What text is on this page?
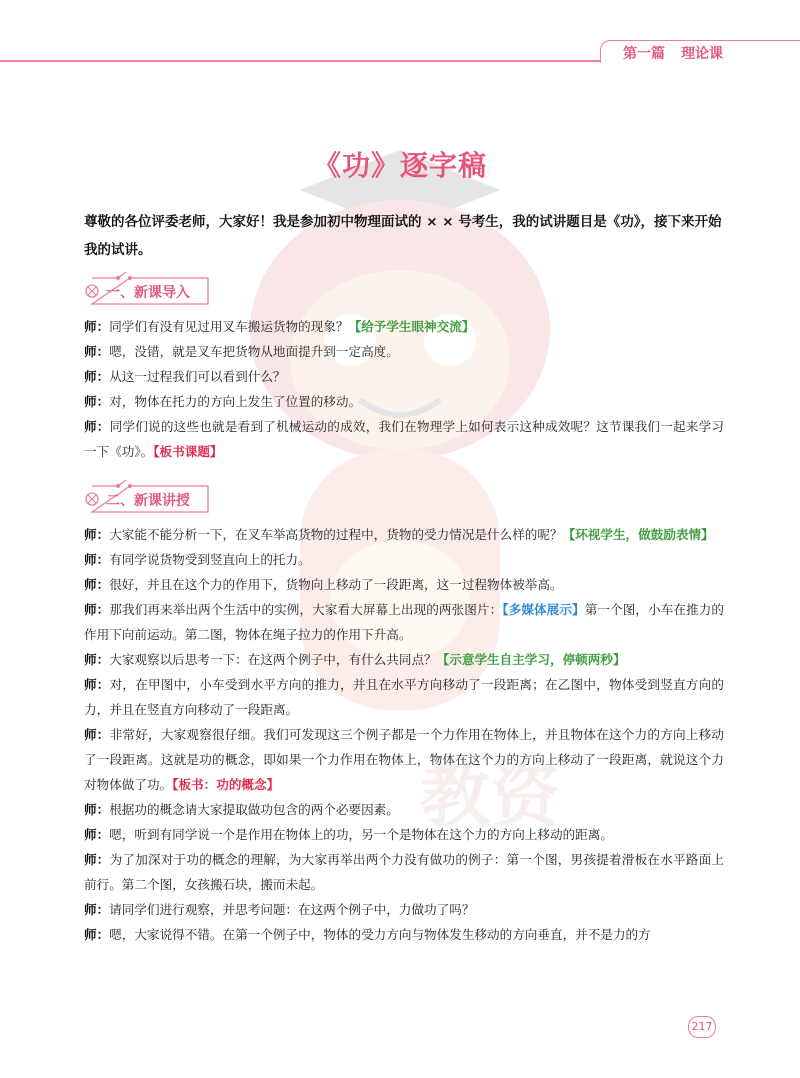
第一篇 理论课
教资
《功》逐字稿
尊敬的各位评委老师，大家好！我是参加初中物理面试的 × × 号考生，我的试讲题目是《功》，接下来开始我的试讲。
一、新课导入
师：同学们有没有见过用叉车搬运货物的现象？【给予学生眼神交流】
师：嗯，没错，就是叉车把货物从地面提升到一定高度。
师：从这一过程我们可以看到什么？
师：对，物体在托力的方向上发生了位置的移动。
师：同学们说的这些也就是看到了机械运动的成效，我们在物理学上如何表示这种成效呢？这节课我们一起来学习一下《功》。【板书课题】
二、新课讲授
师：大家能不能分析一下，在叉车举高货物的过程中，货物的受力情况是什么样的呢？【环视学生，做鼓励表情】
师：有同学说货物受到竖直向上的托力。
师：很好，并且在这个力的作用下，货物向上移动了一段距离，这一过程物体被举高。
师：那我们再来举出两个生活中的实例，大家看大屏幕上出现的两张图片：【多媒体展示】第一个图，小车在推力的作用下向前运动。第二图，物体在绳子拉力的作用下升高。
师：大家观察以后思考一下：在这两个例子中，有什么共同点？【示意学生自主学习，停顿两秒】
师：对，在甲图中，小车受到水平方向的推力，并且在水平方向移动了一段距离；在乙图中，物体受到竖直方向的力，并且在竖直方向移动了一段距离。
师：非常好，大家观察很仔细。我们可发现这三个例子都是一个力作用在物体上，并且物体在这个力的方向上移动了一段距离。这就是功的概念，即如果一个力作用在物体上，物体在这个力的方向上移动了一段距离，就说这个力对物体做了功。【板书：功的概念】
师：根据功的概念请大家提取做功包含的两个必要因素。
师：嗯，听到有同学说一个是作用在物体上的功，另一个是物体在这个力的方向上移动的距离。
师：为了加深对于功的概念的理解，为大家再举出两个力没有做功的例子：第一个图，男孩提着滑板在水平路面上前行。第二个图，女孩搬石块，搬而未起。
师：请同学们进行观察，并思考问题：在这两个例子中，力做功了吗？
师：嗯，大家说得不错。在第一个例子中，物体的受力方向与物体发生移动的方向垂直，并不是力的方
217
